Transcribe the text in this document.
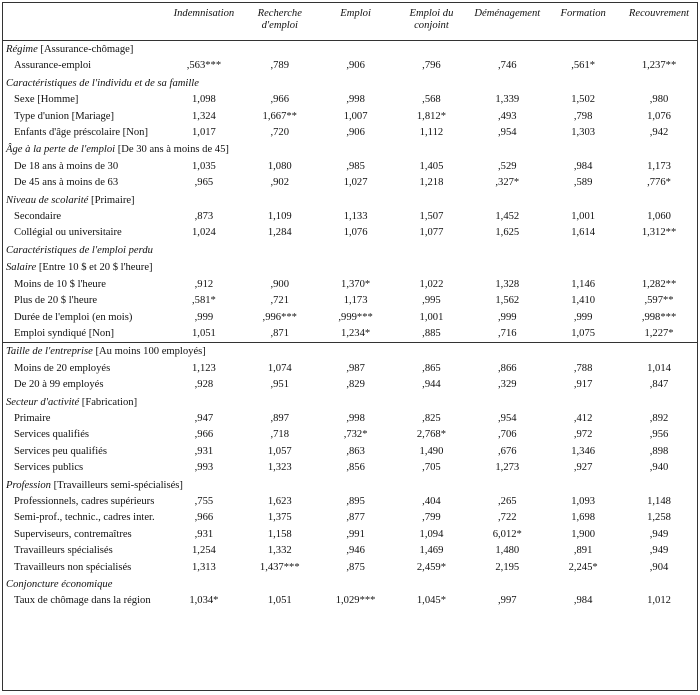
	Indemnisation	Recherche d'emploi	Emploi	Emploi du conjoint	Déménagement	Formation	Recouvrement
Régime [Assurance-chômage]							
Assurance-emploi	,563***	,789	,906	,796	,746	,561*	1,237**
Caractéristiques de l'individu et de sa famille							
Sexe [Homme]	1,098	,966	,998	,568	1,339	1,502	,980
Type d'union [Mariage]	1,324	1,667**	1,007	1,812*	,493	,798	1,076
Enfants d'âge préscolaire [Non]	1,017	,720	,906	1,112	,954	1,303	,942
Âge à la perte de l'emploi [De 30 ans à moins de 45]							
De 18 ans à moins de 30	1,035	1,080	,985	1,405	,529	,984	1,173
De 45 ans à moins de 63	,965	,902	1,027	1,218	,327*	,589	,776*
Niveau de scolarité [Primaire]							
Secondaire	,873	1,109	1,133	1,507	1,452	1,001	1,060
Collégial ou universitaire	1,024	1,284	1,076	1,077	1,625	1,614	1,312**
Caractéristiques de l'emploi perdu							
Salaire [Entre 10 $ et 20 $ l'heure]							
Moins de 10 $ l'heure	,912	,900	1,370*	1,022	1,328	1,146	1,282**
Plus de 20 $ l'heure	,581*	,721	1,173	,995	1,562	1,410	,597**
Durée de l'emploi (en mois)	,999	,996***	,999***	1,001	,999	,999	,998***
Emploi syndiqué [Non]	1,051	,871	1,234*	,885	,716	1,075	1,227*
Taille de l'entreprise [Au moins 100 employés]							
Moins de 20 employés	1,123	1,074	,987	,865	,866	,788	1,014
De 20 à 99 employés	,928	,951	,829	,944	,329	,917	,847
Secteur d'activité [Fabrication]							
Primaire	,947	,897	,998	,825	,954	,412	,892
Services qualifiés	,966	,718	,732*	2,768*	,706	,972	,956
Services peu qualifiés	,931	1,057	,863	1,490	,676	1,346	,898
Services publics	,993	1,323	,856	,705	1,273	,927	,940
Profession [Travailleurs semi-spécialisés]							
Professionnels, cadres supérieurs	,755	1,623	,895	,404	,265	1,093	1,148
Semi-prof., technic., cadres inter.	,966	1,375	,877	,799	,722	1,698	1,258
Superviseurs, contremaîtres	,931	1,158	,991	1,094	6,012*	1,900	,949
Travailleurs spécialisés	1,254	1,332	,946	1,469	1,480	,891	,949
Travailleurs non spécialisés	1,313	1,437***	,875	2,459*	2,195	2,245*	,904
Conjoncture économique							
Taux de chômage dans la région	1,034*	1,051	1,029***	1,045*	,997	,984	1,012
